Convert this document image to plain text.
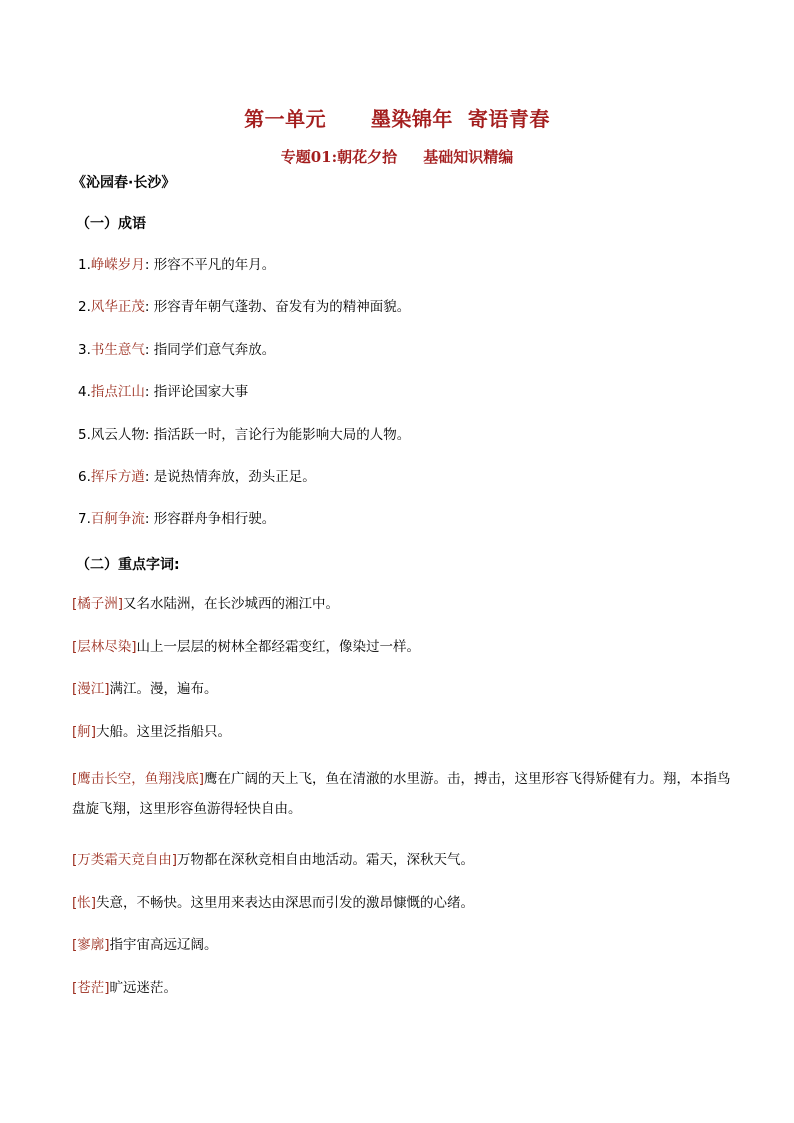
第一单元      墨染锦年  寄语青春
专题01:朝花夕拾     基础知识精编
《沁园春·长沙》
（一）成语
1.峥嵘岁月: 形容不平凡的年月。
2.风华正茂: 形容青年朝气蓬勃、奋发有为的精神面貌。
3.书生意气: 指同学们意气奔放。
4.指点江山: 指评论国家大事
5.风云人物: 指活跃一时，言论行为能影响大局的人物。
6.挥斥方遒: 是说热情奔放，劲头正足。
7.百舸争流: 形容群舟争相行驶。
（二）重点字词:
[橘子洲]又名水陆洲，在长沙城西的湘江中。
[层林尽染]山上一层层的树林全都经霜变红，像染过一样。
[漫江]满江。漫，遍布。
[舸]大船。这里泛指船只。
[鹰击长空，鱼翔浅底]鹰在广阔的天上飞，鱼在清澈的水里游。击，搏击，这里形容飞得矫健有力。翔，本指鸟盘旋飞翔，这里形容鱼游得轻快自由。
[万类霜天竞自由]万物都在深秋竞相自由地活动。霜天，深秋天气。
[怅]失意，不畅快。这里用来表达由深思而引发的激昂慷慨的心绪。
[寥廓]指宇宙高远辽阔。
[苍茫]旷远迷茫。
